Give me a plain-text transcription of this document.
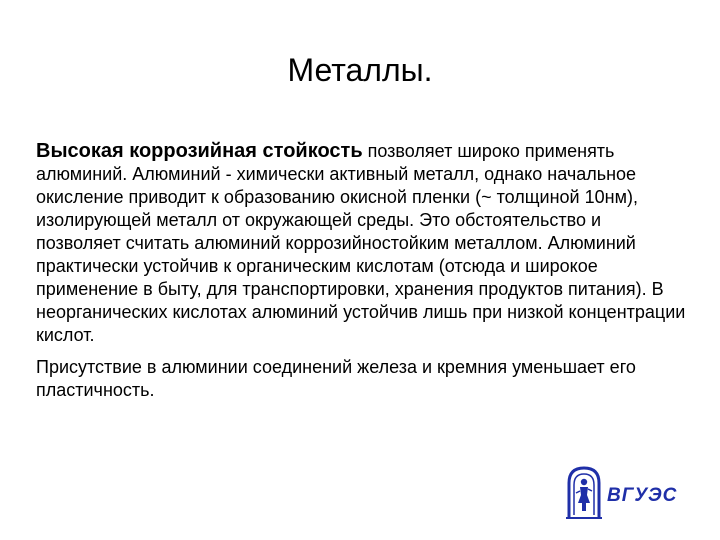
Металлы.

Высокая коррозийная стойкость позволяет широко применять алюминий. Алюминий - химически активный металл, однако начальное окисление приводит к образованию окисной пленки (~ толщиной 10нм), изолирующей металл от окружающей среды. Это обстоятельство и позволяет считать алюминий коррозийностойким металлом. Алюминий практически устойчив к органическим кислотам (отсюда и широкое применение в быту, для транспортировки, хранения продуктов питания). В неорганических кислотах алюминий устойчив лишь при низкой концентрации кислот.

Присутствие в алюминии соединений железа и кремния уменьшает его пластичность.

ВГУЭС
